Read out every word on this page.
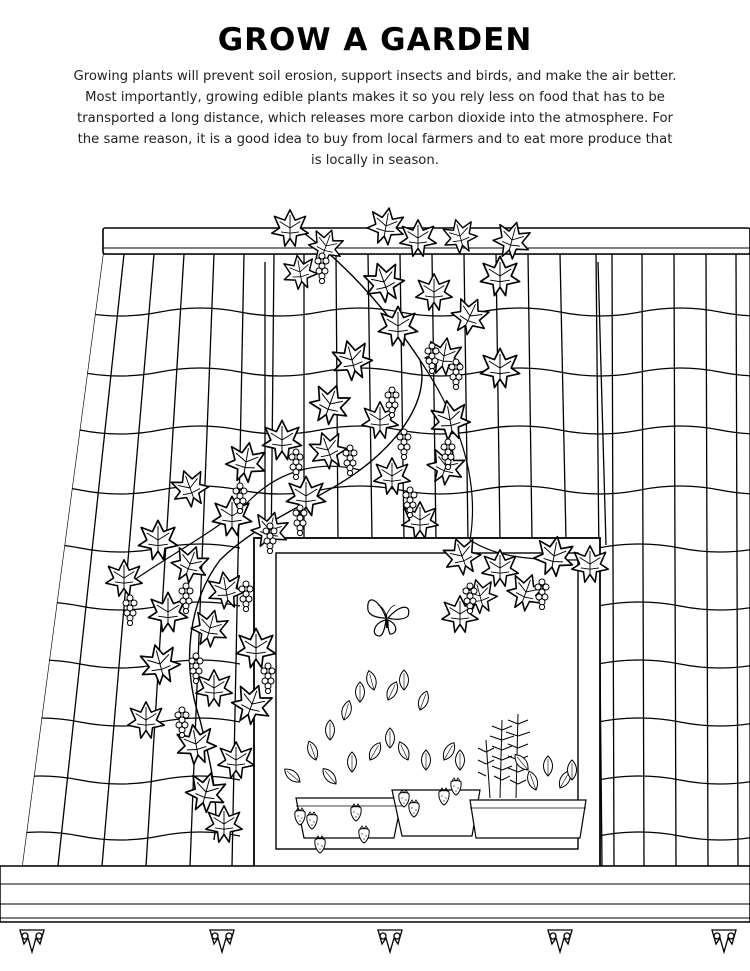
GROW A GARDEN

Growing plants will prevent soil erosion, support insects and birds, and make the air better. Most importantly, growing edible plants makes it so you rely less on food that has to be transported a long distance, which releases more carbon dioxide into the atmosphere. For the same reason, it is a good idea to buy from local farmers and to eat more produce that is locally in season.
